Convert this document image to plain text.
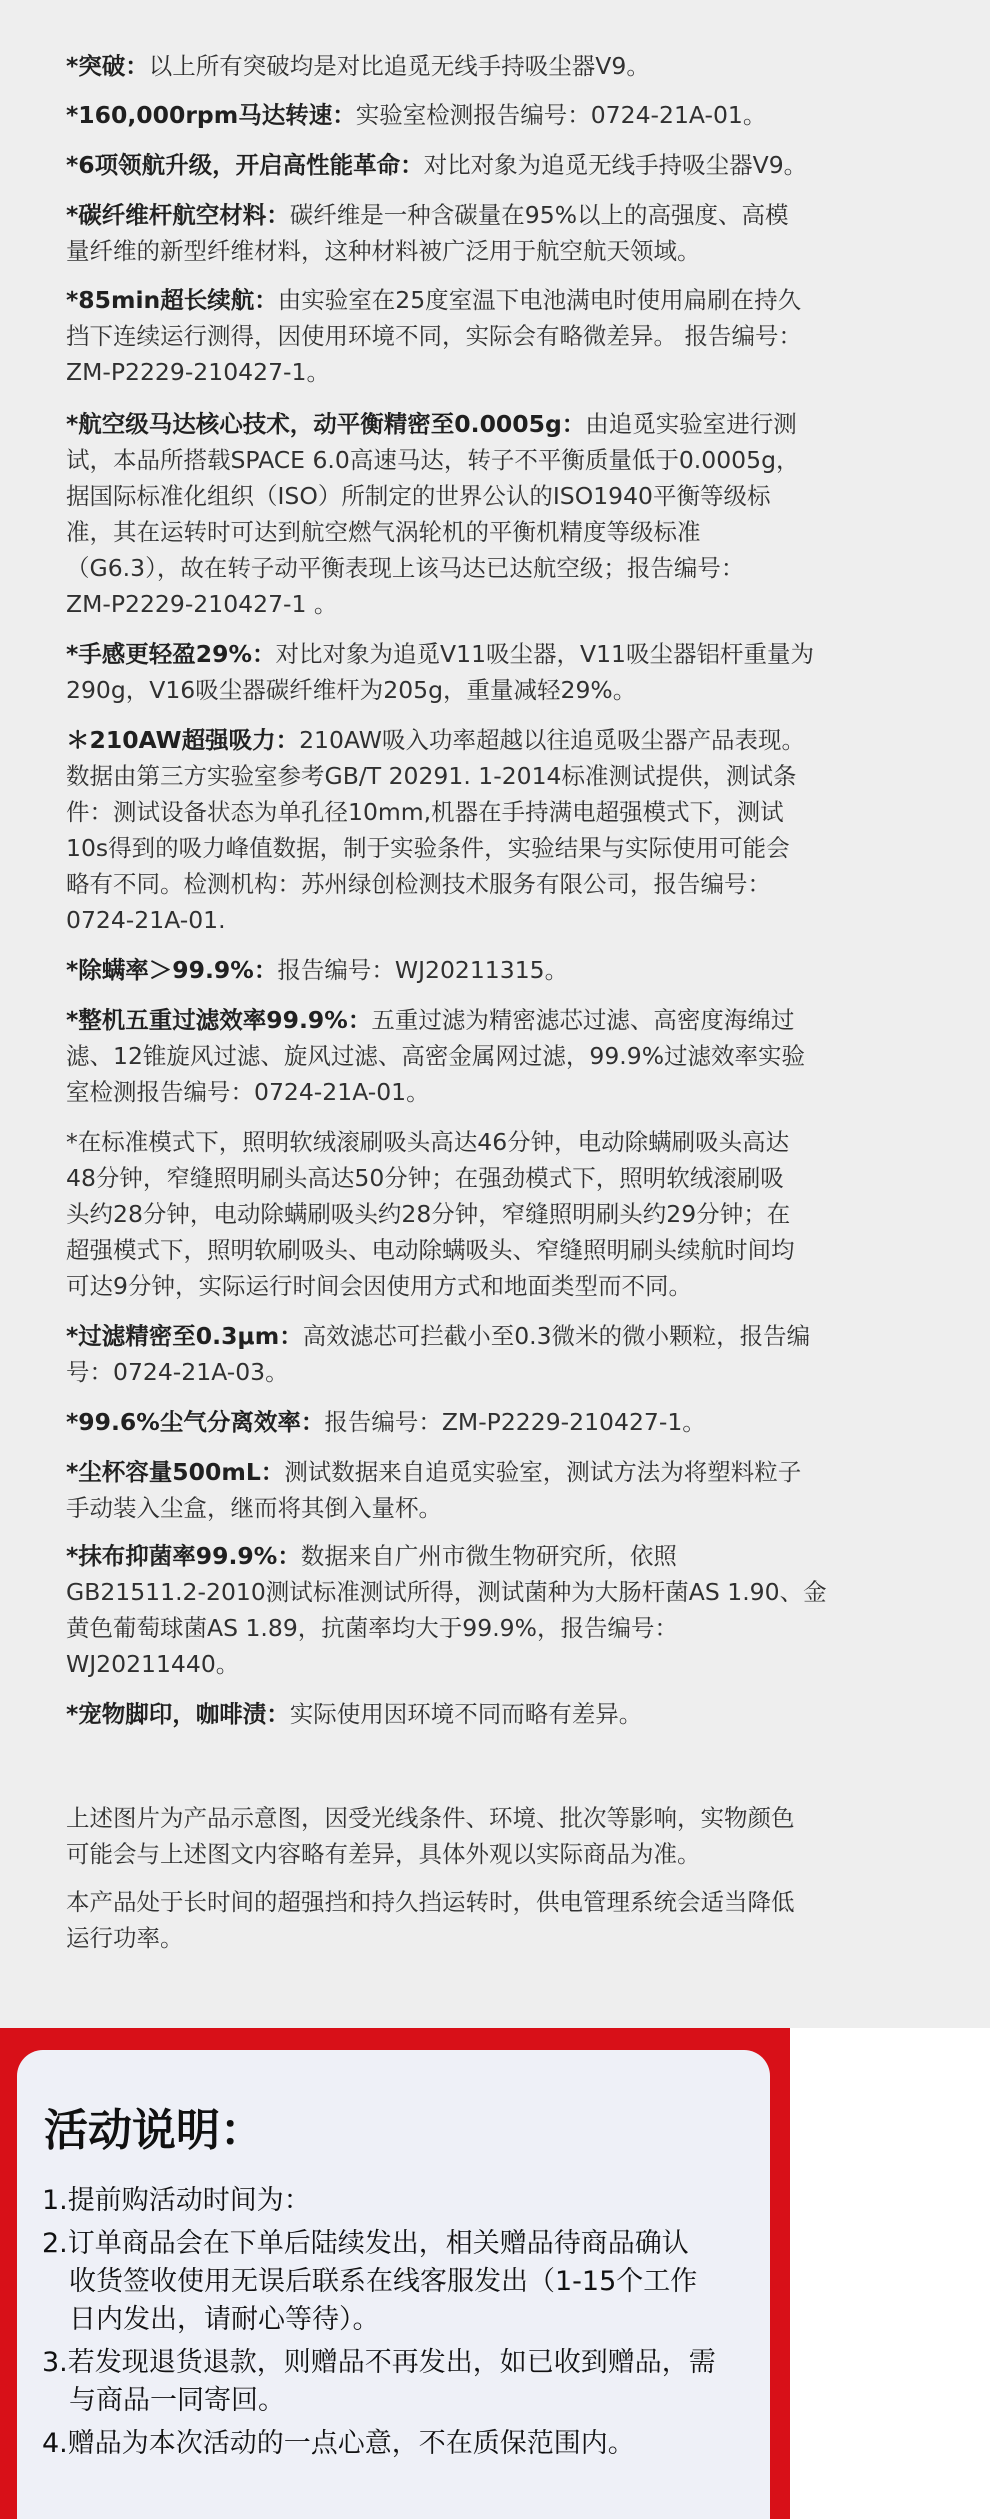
*突破：以上所有突破均是对比追觅无线手持吸尘器V9。
*160,000rpm马达转速：实验室检测报告编号：0724-21A-01。
*6项领航升级，开启高性能革命：对比对象为追觅无线手持吸尘器V9。
*碳纤维杆航空材料：碳纤维是一种含碳量在95%以上的高强度、高模
量纤维的新型纤维材料，这种材料被广泛用于航空航天领域。
*85min超长续航：由实验室在25度室温下电池满电时使用扁刷在持久
挡下连续运行测得，因使用环境不同，实际会有略微差异。 报告编号：
ZM-P2229-210427-1。
*航空级马达核心技术，动平衡精密至0.0005g：由追觅实验室进行测
试，本品所搭载SPACE 6.0高速马达，转子不平衡质量低于0.0005g，
据国际标准化组织（ISO）所制定的世界公认的ISO1940平衡等级标
准，其在运转时可达到航空燃气涡轮机的平衡机精度等级标准
（G6.3），故在转子动平衡表现上该马达已达航空级；报告编号：
ZM-P2229-210427-1 。
*手感更轻盈29%：对比对象为追觅V11吸尘器，V11吸尘器铝杆重量为
290g，V16吸尘器碳纤维杆为205g，重量减轻29%。
＊210AW超强吸力：210AW吸入功率超越以往追觅吸尘器产品表现。
数据由第三方实验室参考GB/T 20291. 1-2014标准测试提供，测试条
件：测试设备状态为单孔径10mm,机器在手持满电超强模式下，测试
10s得到的吸力峰值数据，制于实验条件，实验结果与实际使用可能会
略有不同。检测机构：苏州绿创检测技术服务有限公司，报告编号：
0724-21A-01.
*除螨率＞99.9%：报告编号：WJ20211315。
*整机五重过滤效率99.9%：五重过滤为精密滤芯过滤、高密度海绵过
滤、12锥旋风过滤、旋风过滤、高密金属网过滤，99.9%过滤效率实验
室检测报告编号：0724-21A-01。
*在标准模式下，照明软绒滚刷吸头高达46分钟，电动除螨刷吸头高达
48分钟，窄缝照明刷头高达50分钟；在强劲模式下，照明软绒滚刷吸
头约28分钟，电动除螨刷吸头约28分钟，窄缝照明刷头约29分钟；在
超强模式下，照明软刷吸头、电动除螨吸头、窄缝照明刷头续航时间均
可达9分钟，实际运行时间会因使用方式和地面类型而不同。
*过滤精密至0.3μm：高效滤芯可拦截小至0.3微米的微小颗粒，报告编
号：0724-21A-03。
*99.6%尘气分离效率：报告编号：ZM-P2229-210427-1。
*尘杯容量500mL：测试数据来自追觅实验室，测试方法为将塑料粒子
手动装入尘盒，继而将其倒入量杯。
*抹布抑菌率99.9%：数据来自广州市微生物研究所，依照
GB21511.2-2010测试标准测试所得，测试菌种为大肠杆菌AS 1.90、金
黄色葡萄球菌AS 1.89，抗菌率均大于99.9%，报告编号：
WJ20211440。
*宠物脚印，咖啡渍：实际使用因环境不同而略有差异。
上述图片为产品示意图，因受光线条件、环境、批次等影响，实物颜色
可能会与上述图文内容略有差异，具体外观以实际商品为准。
本产品处于长时间的超强挡和持久挡运转时，供电管理系统会适当降低
运行功率。
活动说明：
1.提前购活动时间为：
2.订单商品会在下单后陆续发出，相关赠品待商品确认
收货签收使用无误后联系在线客服发出（1-15个工作
日内发出，请耐心等待）。
3.若发现退货退款，则赠品不再发出，如已收到赠品，需
与商品一同寄回。
4.赠品为本次活动的一点心意，不在质保范围内。
